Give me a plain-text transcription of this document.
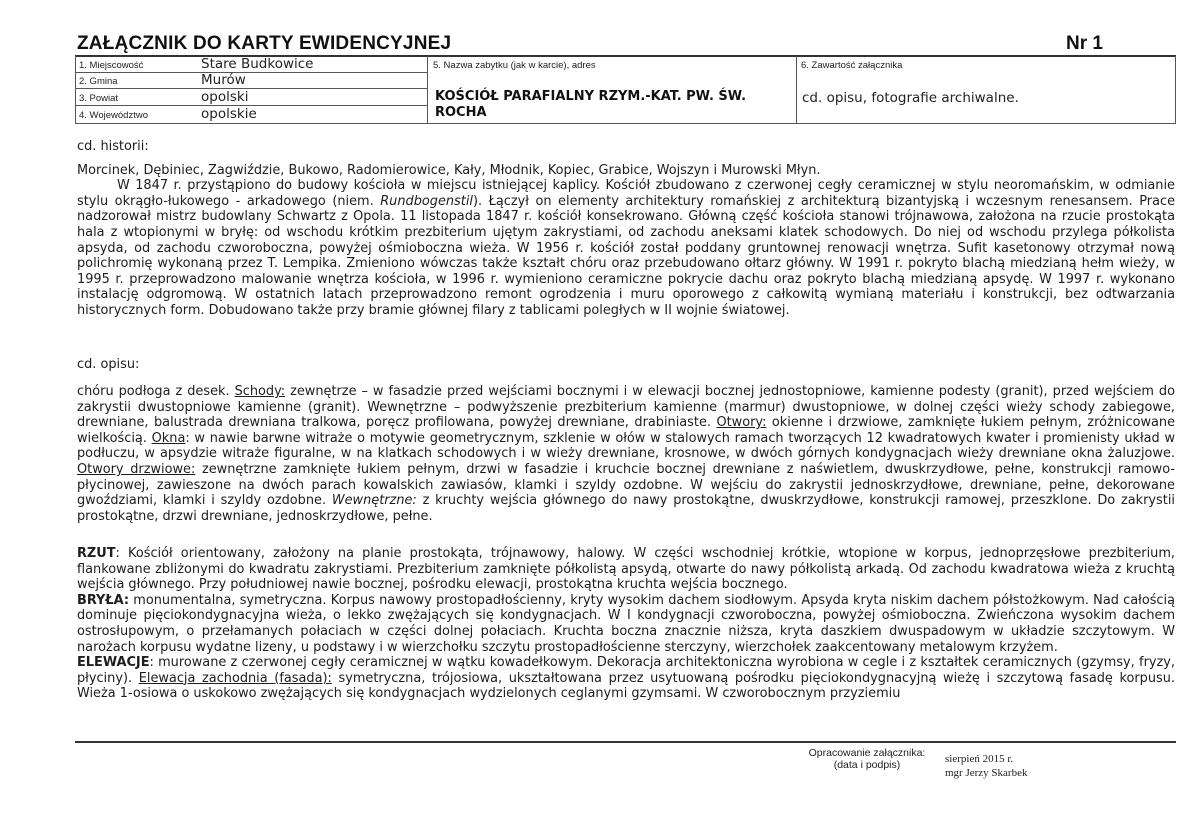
ZAŁĄCZNIK DO KARTY EWIDENCYJNEJ	Nr 1
1. Miejscowość	Stare Budkowice
2. Gmina	Murów
3. Powiat	opolski
4. Województwo	opolskie
5. Nazwa zabytku (jak w karcie), adres
KOŚCIÓŁ PARAFIALNY RZYM.-KAT. PW. ŚW. ROCHA
6. Zawartość załącznika
cd. opisu, fotografie archiwalne.

cd. historii:

Morcinek, Dębiniec, Zagwiździe, Bukowo, Radomierowice, Kały, Młodnik, Kopiec, Grabice, Wojszyn i Murowski Młyn.

W 1847 r. przystąpiono do budowy kościoła w miejscu istniejącej kaplicy. Kościół zbudowano z czerwonej cegły ceramicznej w stylu neoromańskim, w odmianie stylu okrągło-łukowego - arkadowego (niem. Rundbogenstil). Łączył on elementy architektury romańskiej z architekturą bizantyjską i wczesnym renesansem. Prace nadzorował mistrz budowlany Schwartz z Opola. 11 listopada 1847 r. kościół konsekrowano. Główną część kościoła stanowi trójnawowa, założona na rzucie prostokąta hala z wtopionymi w bryłę: od wschodu krótkim prezbiterium ujętym zakrystiami, od zachodu aneksami klatek schodowych. Do niej od wschodu przylega półkolista apsyda, od zachodu czworoboczna, powyżej ośmioboczna wieża. W 1956 r. kościół został poddany gruntownej renowacji wnętrza. Sufit kasetonowy otrzymał nową polichromię wykonaną przez T. Lempika. Zmieniono wówczas także kształt chóru oraz przebudowano ołtarz główny. W 1991 r. pokryto blachą miedzianą hełm wieży, w 1995 r. przeprowadzono malowanie wnętrza kościoła, w 1996 r. wymieniono ceramiczne pokrycie dachu oraz pokryto blachą miedzianą apsydę. W 1997 r. wykonano instalację odgromową. W ostatnich latach przeprowadzono remont ogrodzenia i muru oporowego z całkowitą wymianą materiału i konstrukcji, bez odtwarzania historycznych form. Dobudowano także przy bramie głównej filary z tablicami poległych w II wojnie światowej.

cd. opisu:

chóru podłoga z desek. Schody: zewnętrze – w fasadzie przed wejściami bocznymi i w elewacji bocznej jednostopniowe, kamienne podesty (granit), przed wejściem do zakrystii dwustopniowe kamienne (granit). Wewnętrzne – podwyższenie prezbiterium kamienne (marmur) dwustopniowe, w dolnej części wieży schody zabiegowe, drewniane, balustrada drewniana tralkowa, poręcz profilowana, powyżej drewniane, drabiniaste. Otwory: okienne i drzwiowe, zamknięte łukiem pełnym, zróżnicowane wielkością. Okna: w nawie barwne witraże o motywie geometrycznym, szklenie w ołów w stalowych ramach tworzących 12 kwadratowych kwater i promienisty układ w podłuczu, w apsydzie witraże figuralne, w na klatkach schodowych i w wieży drewniane, krosnowe, w dwóch górnych kondygnacjach wieży drewniane okna żaluzjowe. Otwory drzwiowe: zewnętrzne zamknięte łukiem pełnym, drzwi w fasadzie i kruchcie bocznej drewniane z naświetlem, dwuskrzydłowe, pełne, konstrukcji ramowo-płycinowej, zawieszone na dwóch parach kowalskich zawiasów, klamki i szyldy ozdobne. W wejściu do zakrystii jednoskrzydłowe, drewniane, pełne, dekorowane gwoździami, klamki i szyldy ozdobne. Wewnętrzne: z kruchty wejścia głównego do nawy prostokątne, dwuskrzydłowe, konstrukcji ramowej, przeszklone. Do zakrystii prostokątne, drzwi drewniane, jednoskrzydłowe, pełne.

RZUT: Kościół orientowany, założony na planie prostokąta, trójnawowy, halowy. W części wschodniej krótkie, wtopione w korpus, jednoprzęsłowe prezbiterium, flankowane zbliżonymi do kwadratu zakrystiami. Prezbiterium zamknięte półkolistą apsydą, otwarte do nawy półkolistą arkadą. Od zachodu kwadratowa wieża z kruchtą wejścia głównego. Przy południowej nawie bocznej, pośrodku elewacji, prostokątna kruchta wejścia bocznego.

BRYŁA: monumentalna, symetryczna. Korpus nawowy prostopadłościenny, kryty wysokim dachem siodłowym. Apsyda kryta niskim dachem półstożkowym. Nad całością dominuje pięciokondygnacyjna wieża, o lekko zwężających się kondygnacjach. W I kondygnacji czworoboczna, powyżej ośmioboczna. Zwieńczona wysokim dachem ostrosłupowym, o przełamanych połaciach w części dolnej połaciach. Kruchta boczna znacznie niższa, kryta daszkiem dwuspadowym w układzie szczytowym. W narożach korpusu wydatne lizeny, u podstawy i w wierzchołku szczytu prostopadłościenne sterczyny, wierzchołek zaakcentowany metalowym krzyżem.

ELEWACJE: murowane z czerwonej cegły ceramicznej w wątku kowadełkowym. Dekoracja architektoniczna wyrobiona w cegle i z kształtek ceramicznych (gzymsy, fryzy, płyciny). Elewacja zachodnia (fasada): symetryczna, trójosiowa, ukształtowana przez usytuowaną pośrodku pięciokondygnacyjną wieżę i szczytową fasadę korpusu. Wieża 1-osiowa o uskokowo zwężających się kondygnacjach wydzielonych ceglanymi gzymsami. W czworobocznym przyziemiu

Opracowanie załącznika:
(data i podpis)	sierpień 2015 r.
mgr Jerzy Skarbek
